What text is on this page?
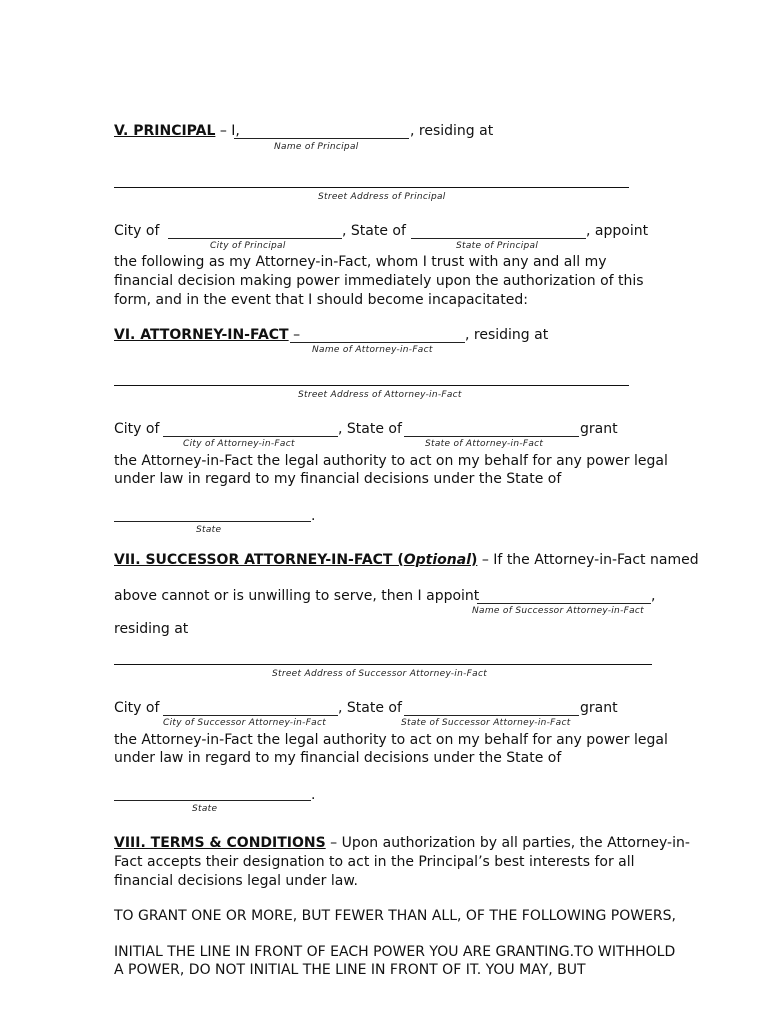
V. PRINCIPAL – I,	, residing at
Name of Principal
Street Address of Principal
City of	, State of	, appoint
City of Principal	State of Principal
the following as my Attorney-in-Fact, whom I trust with any and all my
financial decision making power immediately upon the authorization of this
form, and in the event that I should become incapacitated:
VI. ATTORNEY-IN-FACT –	, residing at
Name of Attorney-in-Fact
Street Address of Attorney-in-Fact
City of	, State of	grant
City of Attorney-in-Fact	State of Attorney-in-Fact
the Attorney-in-Fact the legal authority to act on my behalf for any power legal
under law in regard to my financial decisions under the State of
.
State
VII. SUCCESSOR ATTORNEY-IN-FACT (Optional) – If the Attorney-in-Fact named
above cannot or is unwilling to serve, then I appoint	,
Name of Successor Attorney-in-Fact
residing at
Street Address of Successor Attorney-in-Fact
City of	, State of	grant
City of Successor Attorney-in-Fact	State of Successor Attorney-in-Fact
the Attorney-in-Fact the legal authority to act on my behalf for any power legal
under law in regard to my financial decisions under the State of
.
State
VIII. TERMS & CONDITIONS – Upon authorization by all parties, the Attorney-in-
Fact accepts their designation to act in the Principal’s best interests for all
financial decisions legal under law.
TO GRANT ONE OR MORE, BUT FEWER THAN ALL, OF THE FOLLOWING POWERS,
INITIAL THE LINE IN FRONT OF EACH POWER YOU ARE GRANTING.TO WITHHOLD
A POWER, DO NOT INITIAL THE LINE IN FRONT OF IT. YOU MAY, BUT
